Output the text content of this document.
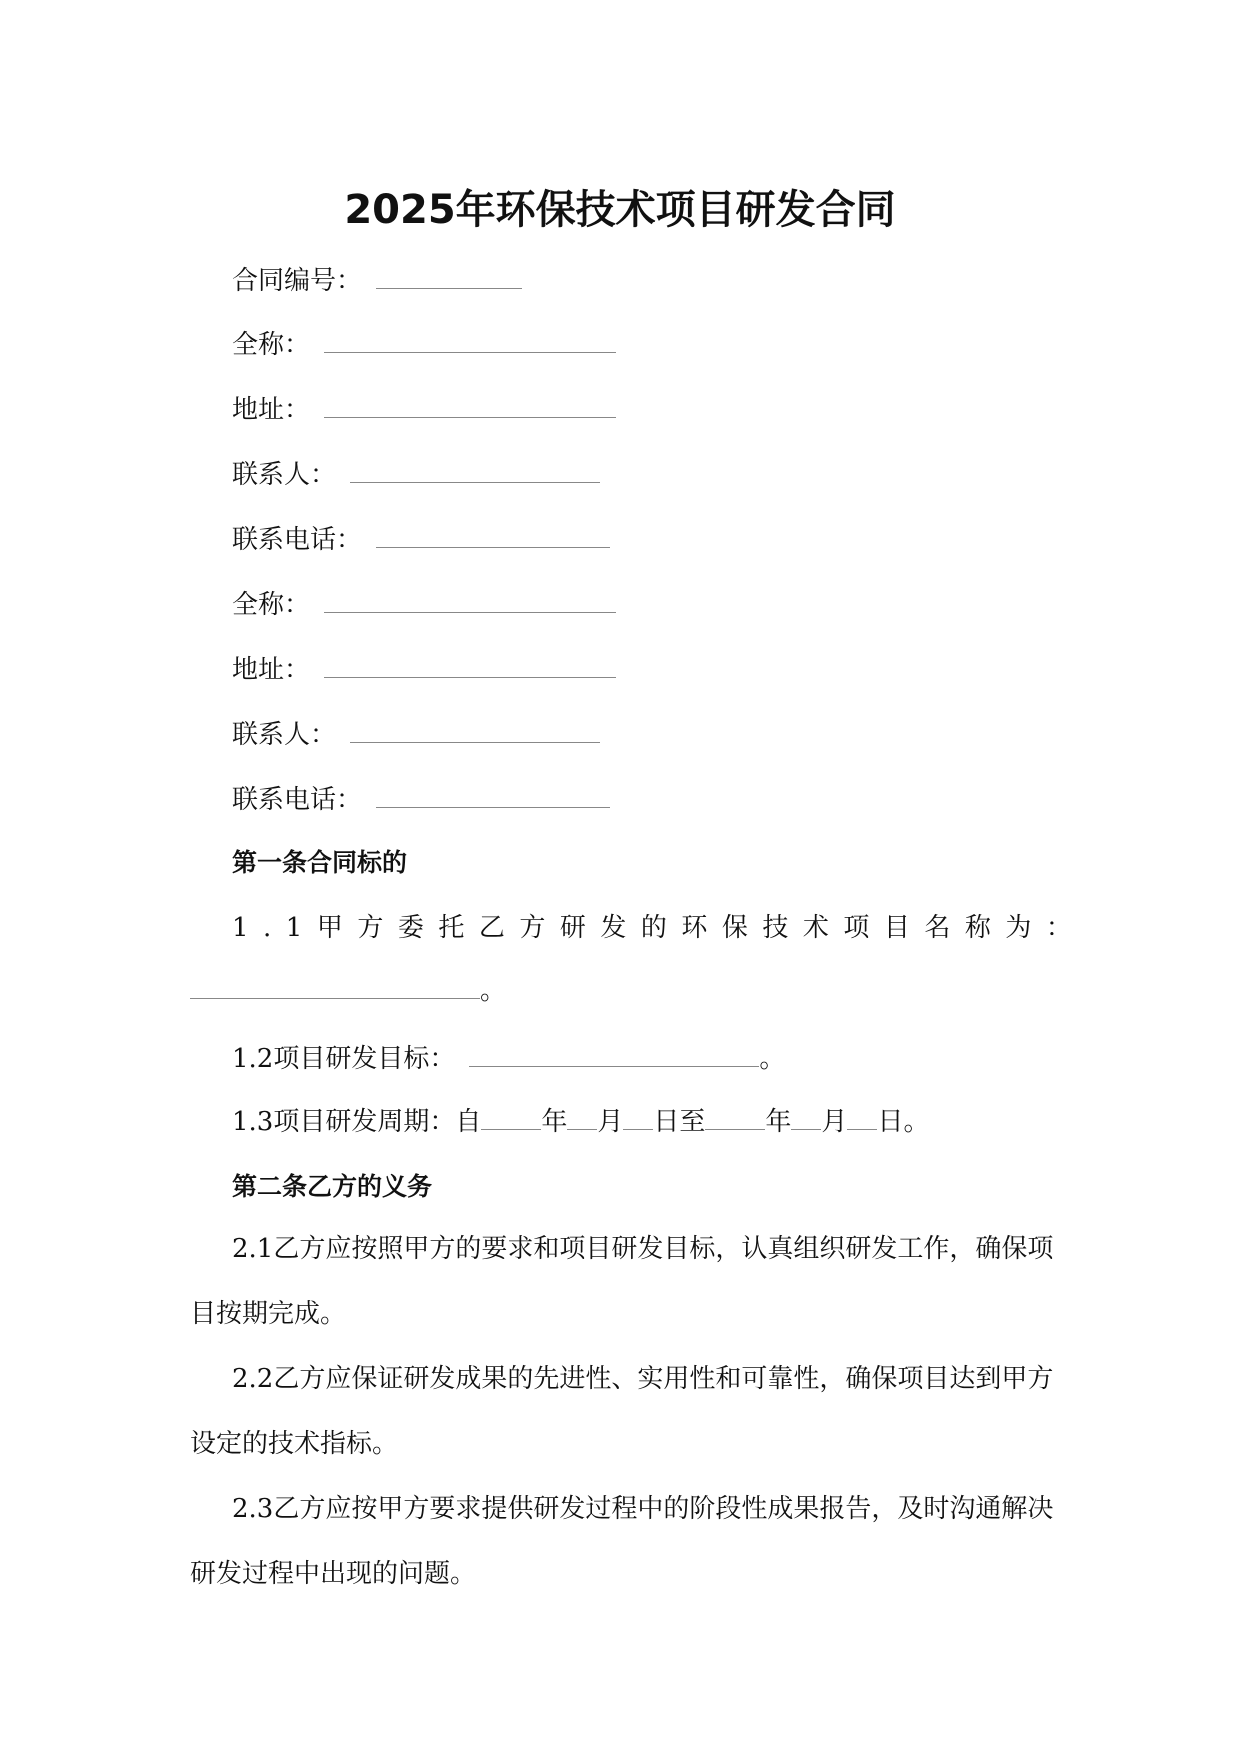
2025年环保技术项目研发合同
合同编号：
全称：
地址：
联系人：
联系电话：
全称：
地址：
联系人：
联系电话：
第一条合同标的
1.1甲方委托乙方研发的环保技术项目名称为：
。
1.2项目研发目标：	。
1.3项目研发周期：自 年 月 日至 年 月 日。
第二条乙方的义务
2.1乙方应按照甲方的要求和项目研发目标，认真组织研发工作，确保项目按期完成。
2.2乙方应保证研发成果的先进性、实用性和可靠性，确保项目达到甲方设定的技术指标。
2.3乙方应按甲方要求提供研发过程中的阶段性成果报告，及时沟通解决研发过程中出现的问题。
